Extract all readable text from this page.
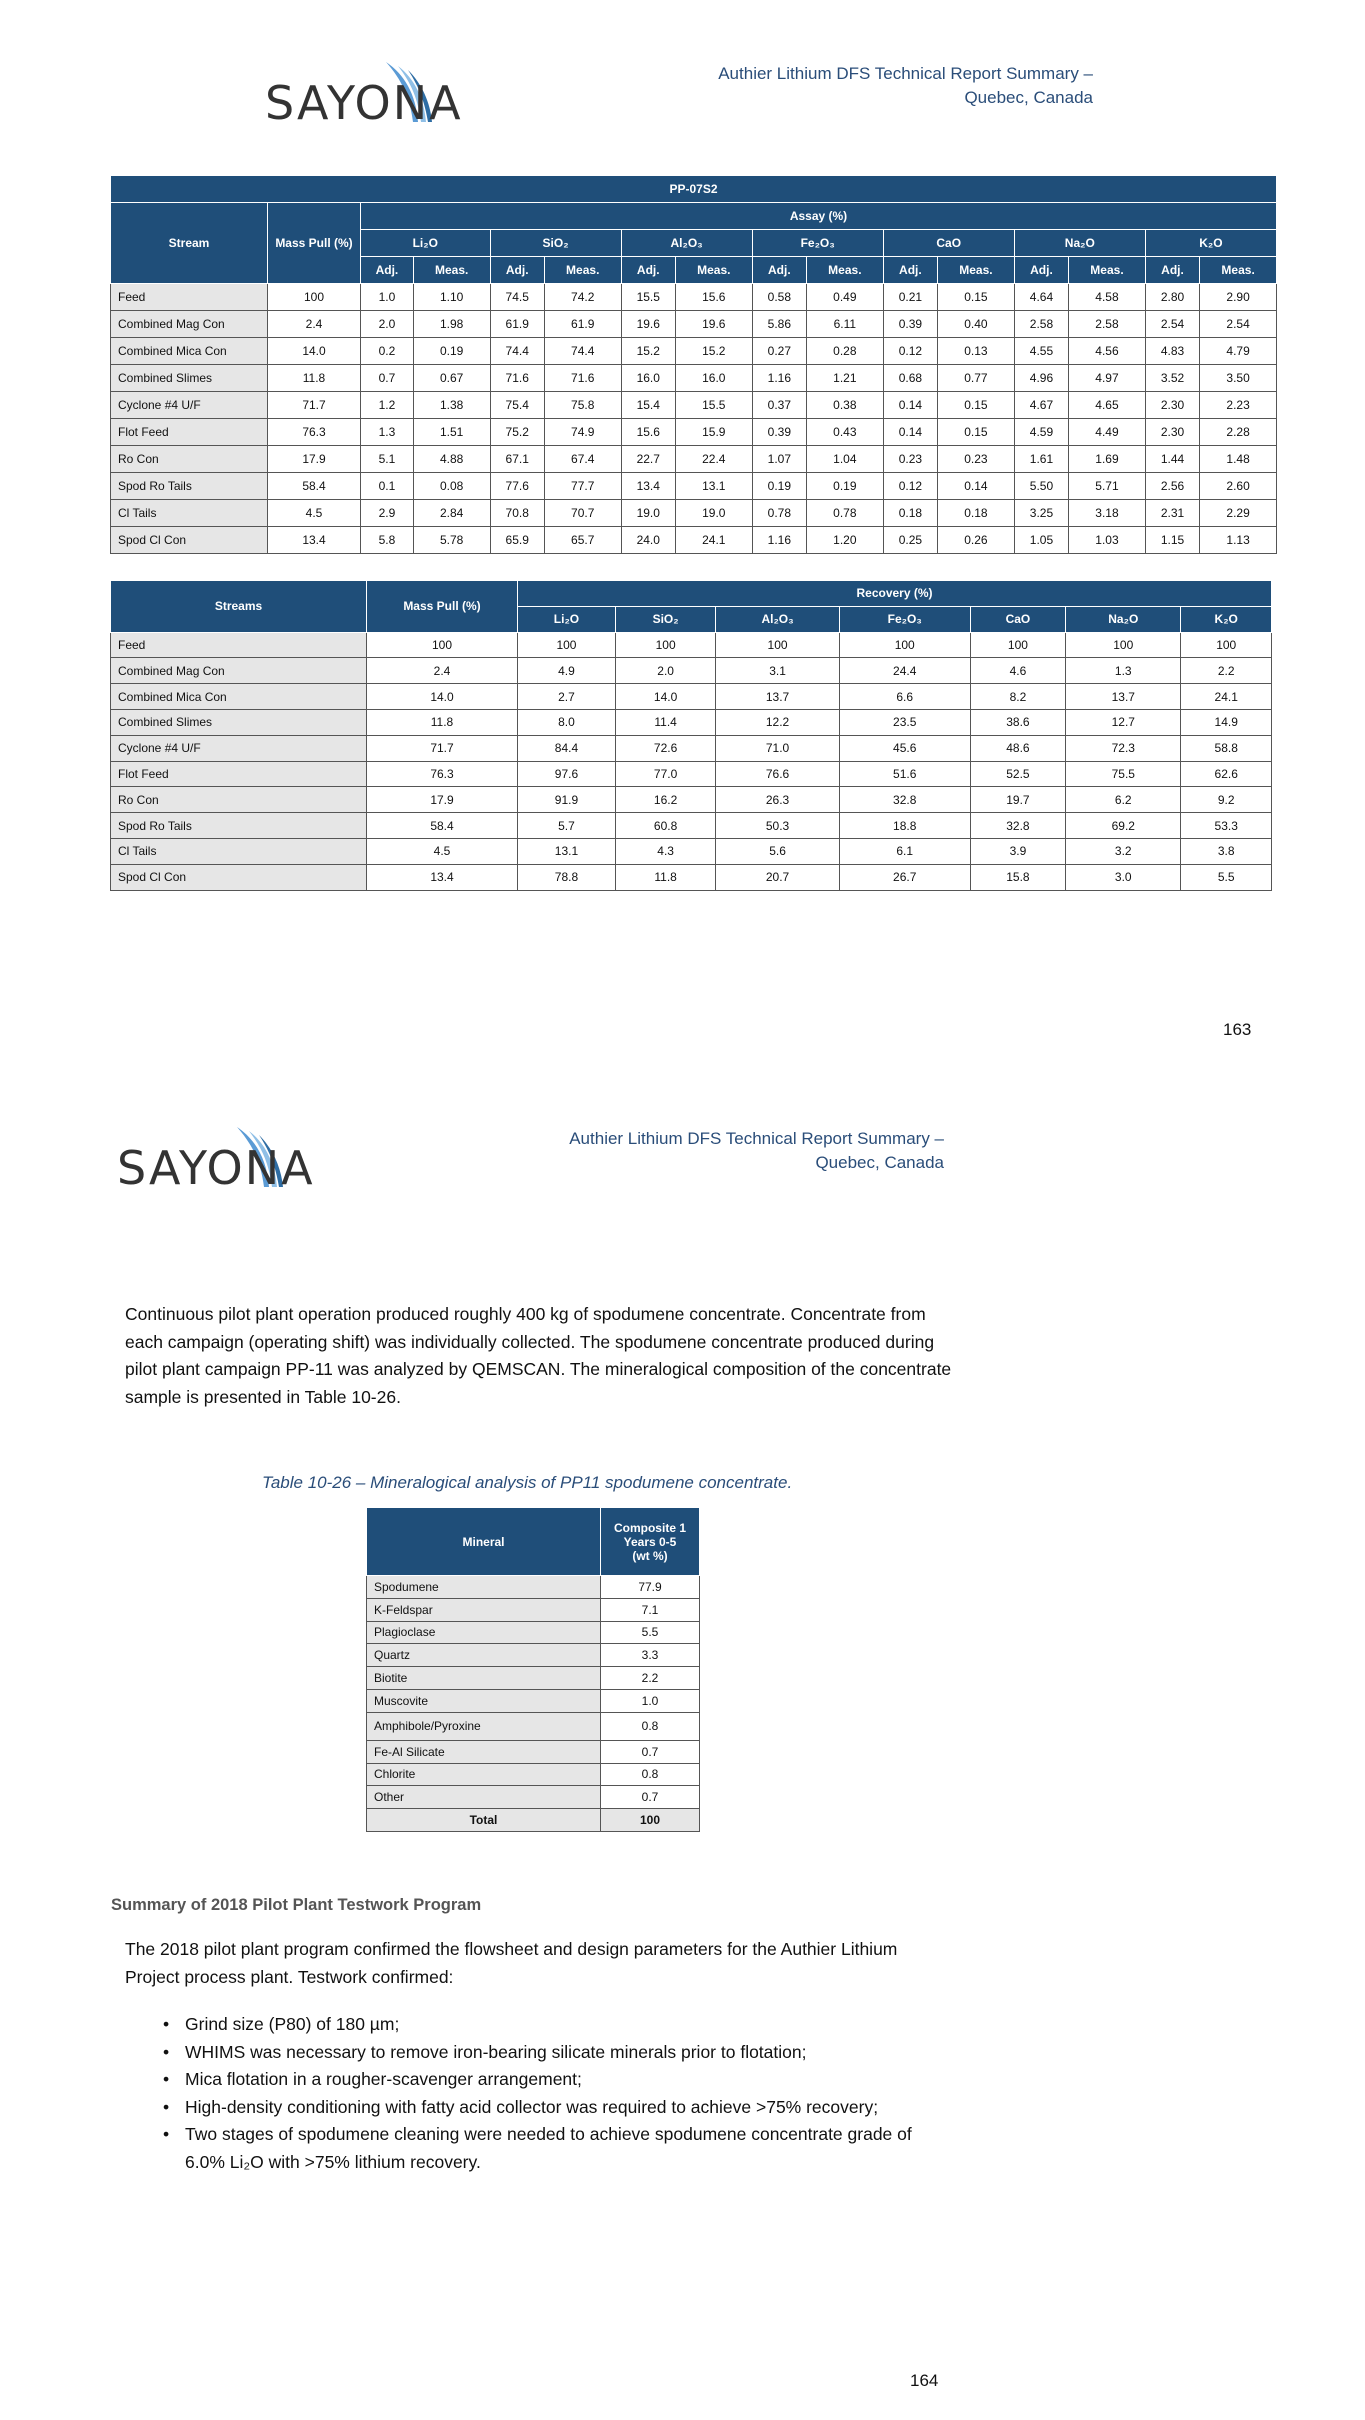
SAYONA
Authier Lithium DFS Technical Report Summary –
Quebec, Canada
PP-07S2															
Stream	Mass Pull (%)	Assay (%)													
		Li₂O		SiO₂		Al₂O₃		Fe₂O₃		CaO		Na₂O		K₂O	
		Adj.	Meas.	Adj.	Meas.	Adj.	Meas.	Adj.	Meas.	Adj.	Meas.	Adj.	Meas.	Adj.	Meas.
Feed	100	1.0	1.10	74.5	74.2	15.5	15.6	0.58	0.49	0.21	0.15	4.64	4.58	2.80	2.90
Combined Mag Con	2.4	2.0	1.98	61.9	61.9	19.6	19.6	5.86	6.11	0.39	0.40	2.58	2.58	2.54	2.54
Combined Mica Con	14.0	0.2	0.19	74.4	74.4	15.2	15.2	0.27	0.28	0.12	0.13	4.55	4.56	4.83	4.79
Combined Slimes	11.8	0.7	0.67	71.6	71.6	16.0	16.0	1.16	1.21	0.68	0.77	4.96	4.97	3.52	3.50
Cyclone #4 U/F	71.7	1.2	1.38	75.4	75.8	15.4	15.5	0.37	0.38	0.14	0.15	4.67	4.65	2.30	2.23
Flot Feed	76.3	1.3	1.51	75.2	74.9	15.6	15.9	0.39	0.43	0.14	0.15	4.59	4.49	2.30	2.28
Ro Con	17.9	5.1	4.88	67.1	67.4	22.7	22.4	1.07	1.04	0.23	0.23	1.61	1.69	1.44	1.48
Spod Ro Tails	58.4	0.1	0.08	77.6	77.7	13.4	13.1	0.19	0.19	0.12	0.14	5.50	5.71	2.56	2.60
Cl Tails	4.5	2.9	2.84	70.8	70.7	19.0	19.0	0.78	0.78	0.18	0.18	3.25	3.18	2.31	2.29
Spod Cl Con	13.4	5.8	5.78	65.9	65.7	24.0	24.1	1.16	1.20	0.25	0.26	1.05	1.03	1.15	1.13
Streams	Mass Pull (%)	Recovery (%)						
		Li₂O	SiO₂	Al₂O₃	Fe₂O₃	CaO	Na₂O	K₂O
Feed	100	100	100	100	100	100	100	100
Combined Mag Con	2.4	4.9	2.0	3.1	24.4	4.6	1.3	2.2
Combined Mica Con	14.0	2.7	14.0	13.7	6.6	8.2	13.7	24.1
Combined Slimes	11.8	8.0	11.4	12.2	23.5	38.6	12.7	14.9
Cyclone #4 U/F	71.7	84.4	72.6	71.0	45.6	48.6	72.3	58.8
Flot Feed	76.3	97.6	77.0	76.6	51.6	52.5	75.5	62.6
Ro Con	17.9	91.9	16.2	26.3	32.8	19.7	6.2	9.2
Spod Ro Tails	58.4	5.7	60.8	50.3	18.8	32.8	69.2	53.3
Cl Tails	4.5	13.1	4.3	5.6	6.1	3.9	3.2	3.8
Spod Cl Con	13.4	78.8	11.8	20.7	26.7	15.8	3.0	5.5
163
SAYONA
Authier Lithium DFS Technical Report Summary –
Quebec, Canada
Continuous pilot plant operation produced roughly 400 kg of spodumene concentrate. Concentrate from
each campaign (operating shift) was individually collected. The spodumene concentrate produced during
pilot plant campaign PP-11 was analyzed by QEMSCAN. The mineralogical composition of the concentrate
sample is presented in Table 10-26.
Table 10-26 – Mineralogical analysis of PP11 spodumene concentrate.
Mineral	Composite 1
Years 0-5
(wt %)

Spodumene	77.9
K-Feldspar	7.1
Plagioclase	5.5
Quartz	3.3
Biotite	2.2
Muscovite	1.0
Amphibole/Pyroxine	0.8
Fe-Al Silicate	0.7
Chlorite	0.8
Other	0.7
Total	100
Summary of 2018 Pilot Plant Testwork Program
The 2018 pilot plant program confirmed the flowsheet and design parameters for the Authier Lithium
Project process plant. Testwork confirmed:
• Grind size (P80) of 180 µm;
• WHIMS was necessary to remove iron-bearing silicate minerals prior to flotation;
• Mica flotation in a rougher-scavenger arrangement;
• High-density conditioning with fatty acid collector was required to achieve >75% recovery;
• Two stages of spodumene cleaning were needed to achieve spodumene concentrate grade of
6.0% Li₂O with >75% lithium recovery.
164
